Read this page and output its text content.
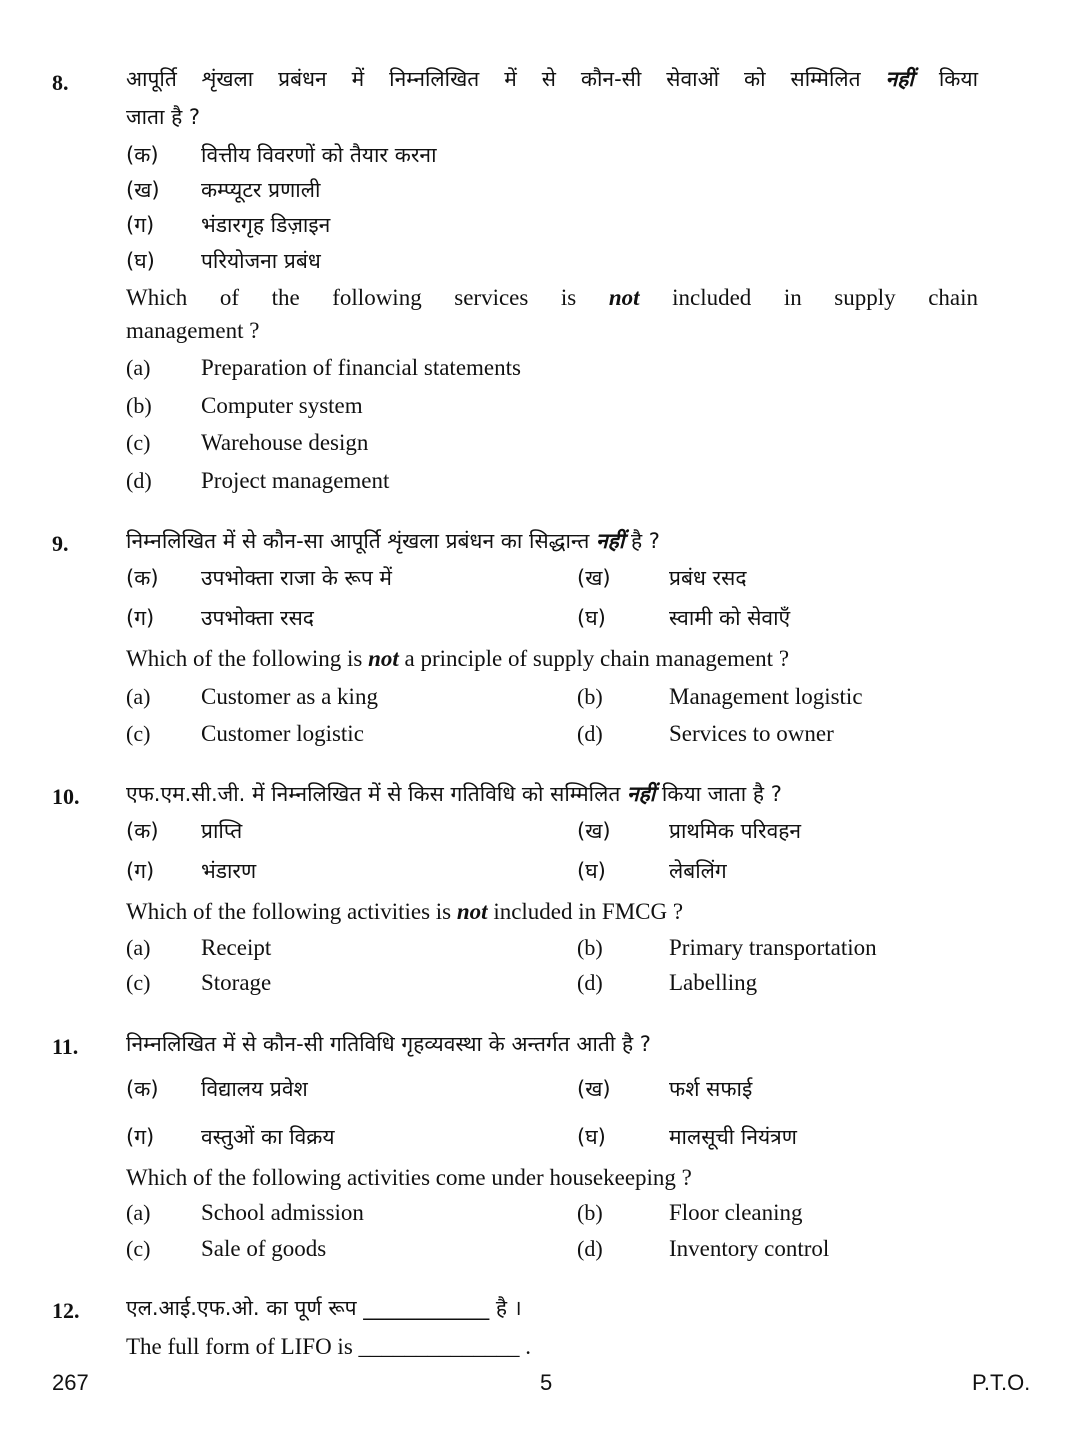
8.	आपूर्ति शृंखला प्रबंधन में निम्नलिखित में से कौन-सी सेवाओं को सम्मिलित नहीं किया
जाता है ?
(क) वित्तीय विवरणों को तैयार करना
(ख) कम्प्यूटर प्रणाली
(ग) भंडारगृह डिज़ाइन
(घ) परियोजना प्रबंध
Which of the following services is not included in supply chain
management ?
(a) Preparation of financial statements
(b) Computer system
(c) Warehouse design
(d) Project management
9.	निम्नलिखित में से कौन-सा आपूर्ति शृंखला प्रबंधन का सिद्धान्त नहीं है ?
(क) उपभोक्ता राजा के रूप में	(ख)	प्रबंध रसद
(ग) उपभोक्ता रसद	(घ)	स्वामी को सेवाएँ
Which of the following is not a principle of supply chain management ?
(a) Customer as a king	(b)	Management logistic
(c) Customer logistic	(d)	Services to owner
10. एफ.एम.सी.जी. में निम्नलिखित में से किस गतिविधि को सम्मिलित नहीं किया जाता है ?
(क) प्राप्ति	(ख)	प्राथमिक परिवहन
(ग) भंडारण	(घ)	लेबलिंग
Which of the following activities is not included in FMCG ?
(a) Receipt	(b)	Primary transportation
(c) Storage	(d)	Labelling
11. निम्नलिखित में से कौन-सी गतिविधि गृहव्यवस्था के अन्तर्गत आती है ?
(क) विद्यालय प्रवेश	(ख)	फर्श सफाई
(ग) वस्तुओं का विक्रय	(घ)	मालसूची नियंत्रण
Which of the following activities come under housekeeping ?
(a) School admission	(b)	Floor cleaning
(c) Sale of goods	(d)	Inventory control
12. एल.आई.एफ.ओ. का पूर्ण रूप ____________ है ।
The full form of LIFO is ______________ .
267	5	P.T.O.
